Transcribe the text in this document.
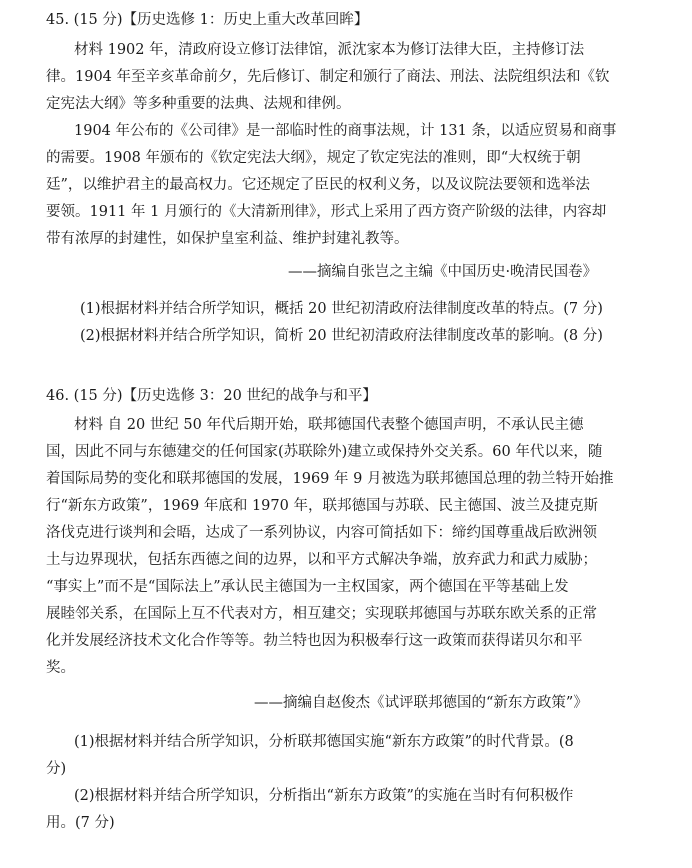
45. (15 分)【历史选修 1：历史上重大改革回眸】
材料 1902 年，清政府设立修订法律馆，派沈家本为修订法律大臣，主持修订法
律。1904 年至辛亥革命前夕，先后修订、制定和颁行了商法、刑法、法院组织法和《钦
定宪法大纲》等多种重要的法典、法规和律例。
1904 年公布的《公司律》是一部临时性的商事法规，计 131 条，以适应贸易和商事
的需要。1908 年颁布的《钦定宪法大纲》，规定了钦定宪法的准则，即“大权统于朝
廷”，以维护君主的最高权力。它还规定了臣民的权利义务，以及议院法要领和选举法
要领。1911 年 1 月颁行的《大清新刑律》，形式上采用了西方资产阶级的法律，内容却
带有浓厚的封建性，如保护皇室利益、维护封建礼教等。
——摘编自张岂之主编《中国历史·晚清民国卷》
(1)根据材料并结合所学知识，概括 20 世纪初清政府法律制度改革的特点。(7 分)
(2)根据材料并结合所学知识，简析 20 世纪初清政府法律制度改革的影响。(8 分)
46. (15 分)【历史选修 3：20 世纪的战争与和平】
材料 自 20 世纪 50 年代后期开始，联邦德国代表整个德国声明，不承认民主德
国，因此不同与东德建交的任何国家(苏联除外)建立或保持外交关系。60 年代以来，随
着国际局势的变化和联邦德国的发展，1969 年 9 月被选为联邦德国总理的勃兰特开始推
行“新东方政策”，1969 年底和 1970 年，联邦德国与苏联、民主德国、波兰及捷克斯
洛伐克进行谈判和会晤，达成了一系列协议，内容可简括如下：缔约国尊重战后欧洲领
土与边界现状，包括东西德之间的边界，以和平方式解决争端，放弃武力和武力威胁；
“事实上”而不是“国际法上”承认民主德国为一主权国家，两个德国在平等基础上发
展睦邻关系，在国际上互不代表对方，相互建交；实现联邦德国与苏联东欧关系的正常
化并发展经济技术文化合作等等。勃兰特也因为积极奉行这一政策而获得诺贝尔和平
奖。
——摘编自赵俊杰《试评联邦德国的“新东方政策”》
(1)根据材料并结合所学知识，分析联邦德国实施“新东方政策”的时代背景。(8
分)
(2)根据材料并结合所学知识，分析指出“新东方政策”的实施在当时有何积极作
用。(7 分)
